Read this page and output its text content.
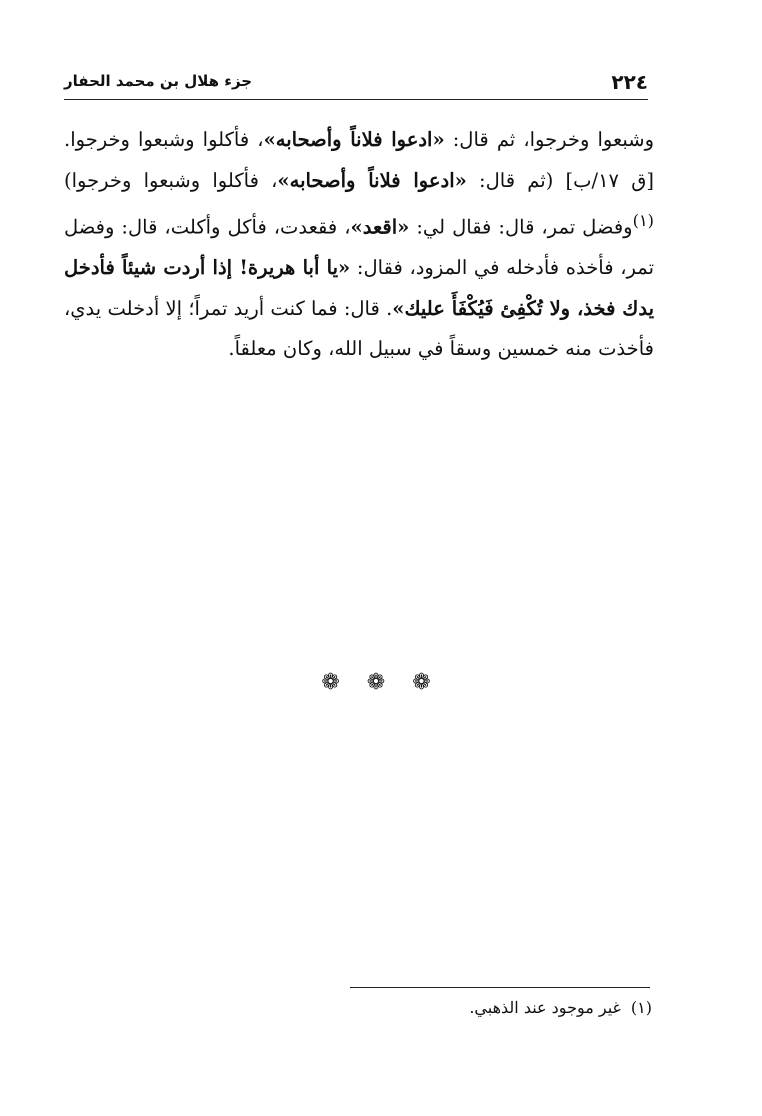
٢٢٤
جزء هلال بن محمد الحفار
وشبعوا وخرجوا، ثم قال: «ادعوا فلاناً وأصحابه»، فأكلوا وشبعوا وخرجوا. [ق ١٧/ب] (ثم قال: «ادعوا فلاناً وأصحابه»، فأكلوا وشبعوا وخرجوا)$^{(١)}$وفضل تمر، قال: فقال لي: «اقعد»، فقعدت، فأكل وأكلت، قال: وفضل تمر، فأخذه فأدخله في المزود، فقال: «يا أبا هريرة! إذا أردت شيئاً فأدخل يدك فخذ، ولا تُكْفِئ فَيُكْفَأَ عليك». قال: فما كنت أريد تمراً؛ إلا أدخلت يدي، فأخذت منه خمسين وسقاً في سبيل الله، وكان معلقاً.
❁ ❁ ❁
(١)غير موجود عند الذهبي.
